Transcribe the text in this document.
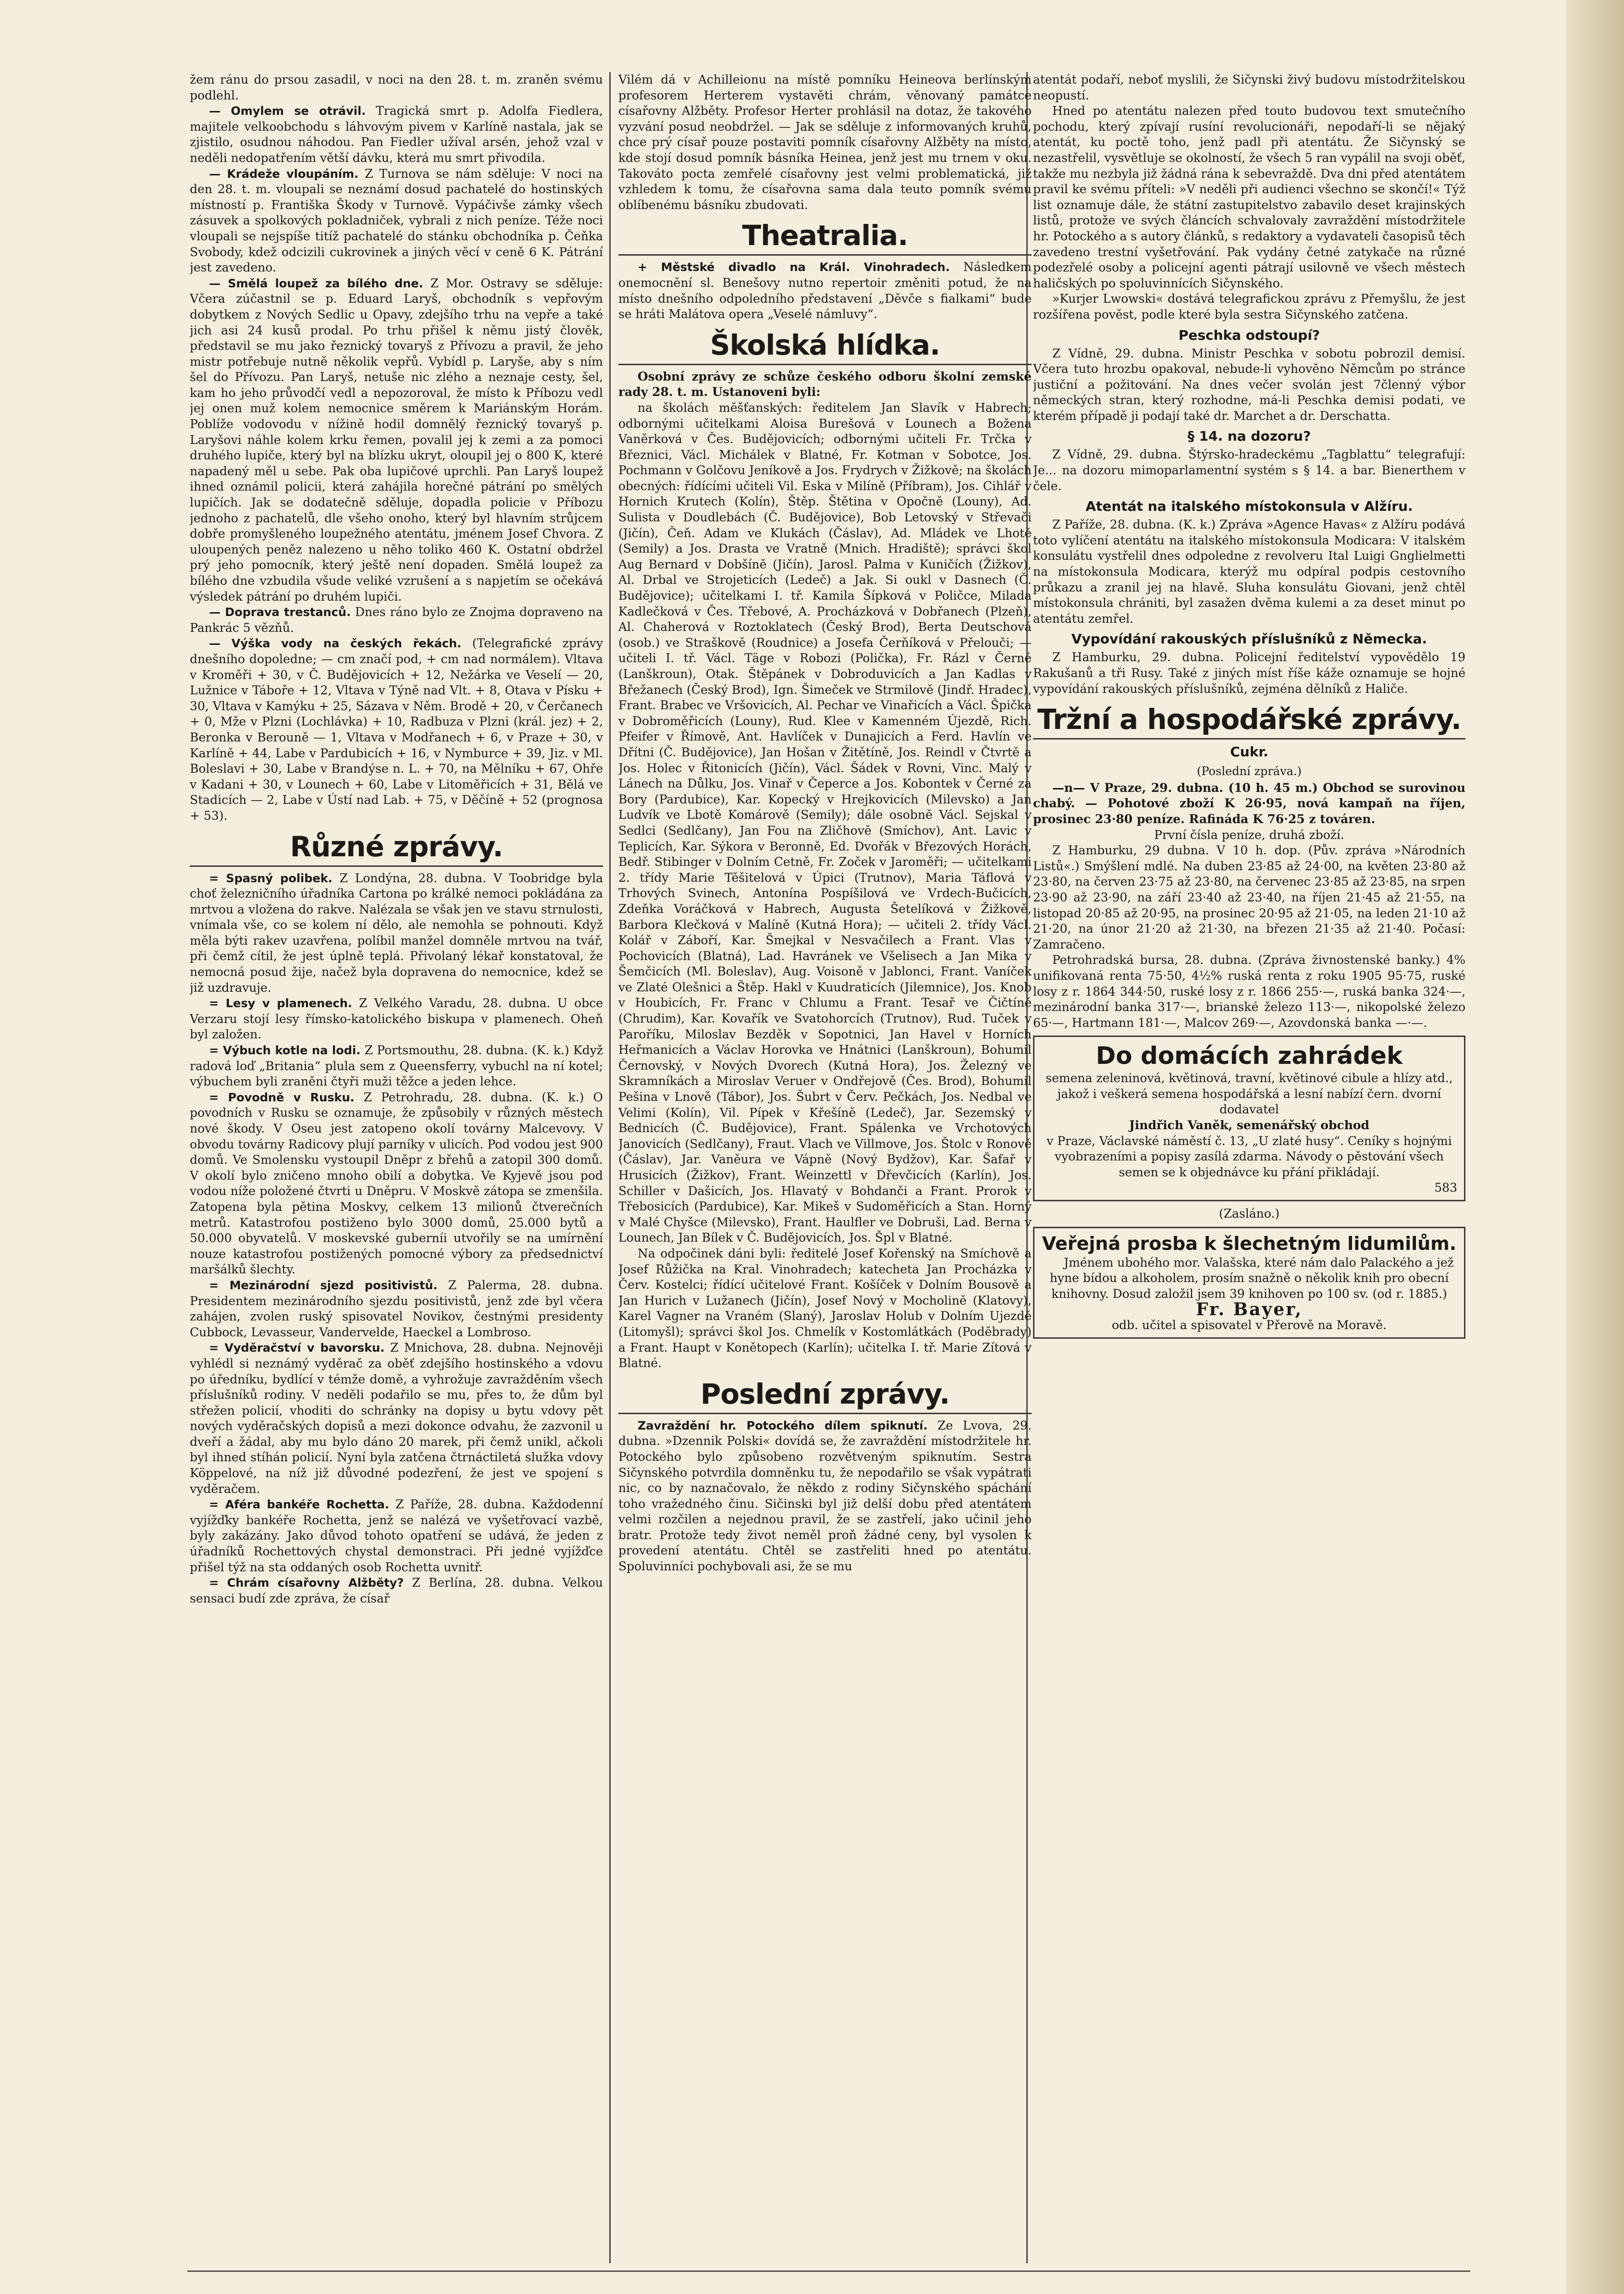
žem ránu do prsou zasadil, v noci na den 28. t. m. zraněn svému podlehl.

— Omylem se otrávil. Tragická smrt p. Adolfa Fiedlera, majitele velkoobchodu s láhvovým pivem v Karlíně nastala, jak se zjistilo, osudnou náhodou. Pan Fiedler užíval arsén, jehož vzal v neděli nedopatřením větší dávku, která mu smrt přivodila.

— Krádeže vloupáním. Z Turnova se nám sděluje: V noci na den 28. t. m. vloupali se neznámí dosud pachatelé do hostinských místností p. Františka Škody v Turnově. Vypáčivše zámky všech zásuvek a spolkových pokladniček, vybrali z nich peníze. Téže noci vloupali se nejspíše titíž pachatelé do stánku obchodníka p. Čeňka Svobody, kdež odcizili cukrovinek a jiných věcí v ceně 6 K. Pátrání jest zavedeno.

— Smělá loupež za bílého dne. Z Mor. Ostravy se sděluje: Včera zúčastnil se p. Eduard Laryš, obchodník s vepřovým dobytkem z Nových Sedlic u Opavy, zdejšího trhu na vepře a také jich asi 24 kusů prodal. Po trhu přišel k němu jistý člověk, představil se mu jako řeznický tovaryš z Přívozu a pravil, že jeho mistr potřebuje nutně několik vepřů. Vybídl p. Laryše, aby s ním šel do Přívozu. Pan Laryš, netuše nic zlého a neznaje cesty, šel, kam ho jeho průvodčí vedl a nepozoroval, že místo k Příbozu vedl jej onen muž kolem nemocnice směrem k Mariánským Horám. Poblíže vodovodu v nížině hodil domnělý řeznický tovaryš p. Laryšovi náhle kolem krku řemen, povalil jej k zemi a za pomoci druhého lupiče, který byl na blízku ukryt, oloupil jej o 800 K, které napadený měl u sebe. Pak oba lupičové uprchli. Pan Laryš loupež ihned oznámil policii, která zahájila horečné pátrání po smělých lupičích. Jak se dodatečně sděluje, dopadla policie v Příbozu jednoho z pachatelů, dle všeho onoho, který byl hlavním strůjcem dobře promyšleného loupežného atentátu, jménem Josef Chvora. Z uloupených peněz nalezeno u něho toliko 460 K. Ostatní obdržel prý jeho pomocník, který ještě není dopaden. Smělá loupež za bílého dne vzbudila všude veliké vzrušení a s napjetím se očekává výsledek pátrání po druhém lupiči.

— Doprava trestanců. Dnes ráno bylo ze Znojma dopraveno na Pankrác 5 vězňů.

— Výška vody na českých řekách. (Telegrafické zprávy dnešního dopoledne; — cm značí pod, + cm nad normálem). Vltava v Kroměři + 30, v Č. Budějovicích + 12, Nežárka ve Veselí — 20, Lužnice v Táboře + 12, Vltava v Týně nad Vlt. + 8, Otava v Písku + 30, Vltava v Kamýku + 25, Sázava v Něm. Brodě + 20, v Čerčanech + 0, Mže v Plzni (Lochlávka) + 10, Radbuza v Plzni (král. jez) + 2, Beronka v Berouně — 1, Vltava v Modřanech + 6, v Praze + 30, v Karlíně + 44, Labe v Pardubicích + 16, v Nymburce + 39, Jiz. v Ml. Boleslavi + 30, Labe v Brandýse n. L. + 70, na Mělníku + 67, Ohře v Kadani + 30, v Lounech + 60, Labe v Litoměřicích + 31, Bělá ve Stadicích — 2, Labe v Ústí nad Lab. + 75, v Děčíně + 52 (prognosa + 53).

Různé zprávy.

= Spasný polibek. Z Londýna, 28. dubna. V Toobridge byla choť železničního úřadníka Cartona po králké nemoci pokládána za mrtvou a vložena do rakve. Nalézala se však jen ve stavu strnulosti, vnímala vše, co se kolem ní dělo, ale nemohla se pohnouti. Když měla býti rakev uzavřena, políbil manžel domněle mrtvou na tvář, při čemž cítil, že jest úplně teplá. Přivolaný lékař konstatoval, že nemocná posud žije, načež byla dopravena do nemocnice, kdež se již uzdravuje.

= Lesy v plamenech. Z Velkého Varadu, 28. dubna. U obce Verzaru stojí lesy římsko-katolického biskupa v plamenech. Oheň byl založen.

= Výbuch kotle na lodi. Z Portsmouthu, 28. dubna. (K. k.) Když radová loď „Britania“ plula sem z Queensferry, vybuchl na ní kotel; výbuchem byli zraněni čtyři muži těžce a jeden lehce.

= Povodně v Rusku. Z Petrohradu, 28. dubna. (K. k.) O povodních v Rusku se oznamuje, že způsobily v různých městech nové škody. V Oseu jest zatopeno okolí továrny Malcevovy. V obvodu továrny Radicovy plují parníky v ulicích. Pod vodou jest 900 domů. Ve Smolensku vystoupil Dněpr z břehů a zatopil 300 domů. V okolí bylo zničeno mnoho obilí a dobytka. Ve Kyjevě jsou pod vodou níže položené čtvrti u Dněpru. V Moskvě zátopa se zmenšila. Zatopena byla pětina Moskvy, celkem 13 milionů čtverečních metrů. Katastrofou postiženo bylo 3000 domů, 25.000 bytů a 50.000 obyvatelů. V moskevské guberníi utvořily se na umírnění nouze katastrofou postižených pomocné výbory za předsednictví maršálků šlechty.

= Mezinárodní sjezd positivistů. Z Palerma, 28. dubna. Presidentem mezinárodního sjezdu positivistů, jenž zde byl včera zahájen, zvolen ruský spisovatel Novikov, čestnými presidenty Cubbock, Levasseur, Vandervelde, Haeckel a Lombroso.

= Vyděračství v bavorsku. Z Mnichova, 28. dubna. Nejnověji vyhlédl si neznámý vyděrač za oběť zdejšího hostinského a vdovu po úředníku, bydlící v témže domě, a vyhrožuje zavražděním všech příslušníků rodiny. V neděli podařilo se mu, přes to, že dům byl střežen policií, vhoditi do schránky na dopisy u bytu vdovy pět nových vyděračských dopisů a mezi dokonce odvahu, že zazvonil u dveří a žádal, aby mu bylo dáno 20 marek, při čemž unikl, ačkoli byl ihned stíhán policií. Nyní byla zatčena čtrnáctiletá služka vdovy Köppelové, na níž již důvodné podezření, že jest ve spojení s vyděračem.

= Aféra bankéře Rochetta. Z Paříže, 28. dubna. Každodenní vyjížďky bankéře Rochetta, jenž se nalézá ve vyšetřovací vazbě, byly zakázány. Jako důvod tohoto opatření se udává, že jeden z úřadníků Rochettových chystal demonstraci. Při jedné vyjížďce přišel týž na sta oddaných osob Rochetta uvnitř.

= Chrám císařovny Alžběty? Z Berlína, 28. dubna. Velkou sensaci budí zde zpráva, že císař

Vilém dá v Achilleionu na místě pomníku Heineova berlínským profesorem Herterem vystavěti chrám, věnovaný památce císařovny Alžběty. Profesor Herter prohlásil na dotaz, že takového vyzvání posud neobdržel. — Jak se sděluje z informovaných kruhů, chce prý císař pouze postaviti pomník císařovny Alžběty na místo, kde stojí dosud pomník básníka Heinea, jenž jest mu trnem v oku. Takováto pocta zemřelé císařovny jest velmi problematická, již vzhledem k tomu, že císařovna sama dala teuto pomník svému oblíbenému básníku zbudovati.

Theatralia.

+ Městské divadlo na Král. Vinohradech. Následkem onemocnění sl. Benešovy nutno repertoir změniti potud, že na místo dnešního odpoledního představení „Děvče s fialkami“ bude se hráti Malátova opera „Veselé námluvy“.

Školská hlídka.

Osobní zprávy ze schůze českého odboru školní zemské rady 28. t. m. Ustanoveni byli:

na školách měšťanských: ředitelem Jan Slavík v Habrech; odbornými učitelkami Aloisa Burešová v Lounech a Božena Vaněrková v Čes. Budějovicích; odbornými učiteli Fr. Trčka v Březnici, Václ. Michálek v Blatné, Fr. Kotman v Sobotce, Jos. Pochmann v Golčovu Jeníkově a Jos. Frydrych v Žižkově; na školách obecných: řídícími učiteli Vil. Eska v Milíně (Příbram), Jos. Cihlář v Hornich Krutech (Kolín), Štěp. Štětina v Opočně (Louny), Ad. Sulista v Doudlebách (Č. Budějovice), Bob Letovský v Střevači (Jičín), Čeň. Adam ve Klukách (Čáslav), Ad. Mládek ve Lhotě (Semily) a Jos. Drasta ve Vratně (Mnich. Hradiště); správci škol Aug Bernard v Dobšíně (Jičín), Jarosl. Palma v Kuničích (Žižkov), Al. Drbal ve Strojeticích (Ledeč) a Jak. Si oukl v Dasnech (Č. Budějovice); učitelkami I. tř. Kamila Šípková v Poličce, Milada Kadlečková v Čes. Třebové, A. Procházková v Dobřanech (Plzeň), Al. Chaherová v Roztoklatech (Český Brod), Berta Deutschová (osob.) ve Straškově (Roudnice) a Josefa Čerňíková v Přelouči; — učiteli I. tř. Václ. Täge v Robozi (Polička), Fr. Rázl v Černé (Lanškroun), Otak. Štěpánek v Dobroduvicích a Jan Kadlas v Břežanech (Český Brod), Ign. Šimeček ve Strmilově (Jindř. Hradec), Frant. Brabec ve Vršovicích, Al. Pechar ve Vinařicích a Václ. Špička v Dobroměřicích (Louny), Rud. Klee v Kamenném Újezdě, Rich. Pfeifer v Římově, Ant. Havlíček v Dunajicích a Ferd. Havlín ve Dřítni (Č. Budějovice), Jan Hošan v Žitětíně, Jos. Reindl v Čtvrtě a Jos. Holec v Řitonicích (Jičín), Václ. Šádek v Rovni, Vinc. Malý v Lánech na Důlku, Jos. Vinař v Čeperce a Jos. Kobontek v Černé za Bory (Pardubice), Kar. Kopecký v Hrejkovicích (Milevsko) a Jan Ludvík ve Lbotě Komárově (Semily); dále osobně Václ. Sejskal v Sedlci (Sedlčany), Jan Fou na Zličhově (Smíchov), Ant. Lavic v Teplicích, Kar. Sýkora v Beronně, Ed. Dvořák v Březových Horách, Bedř. Stibinger v Dolním Cetně, Fr. Zoček v Jaroměři; — učitelkami 2. třídy Marie Těšitelová v Úpici (Trutnov), Maria Táflová v Trhových Svinech, Antonína Pospíšilová ve Vrdech-Bučicích, Zdeňka Voráčková v Habrech, Augusta Šetelíková v Žižkově, Barbora Klečková v Malíně (Kutná Hora); — učiteli 2. třídy Václ. Kolář v Záboří, Kar. Šmejkal v Nesvačilech a Frant. Vlas v Pochovicích (Blatná), Lad. Havránek ve Všelisech a Jan Mika v Šemčicích (Ml. Boleslav), Aug. Voisoně v Jablonci, Frant. Vaníček ve Zlaté Olešnici a Štěp. Hakl v Kuudraticích (Jilemnice), Jos. Knob v Houbicích, Fr. Franc v Chlumu a Frant. Tesař ve Čičtíně (Chrudim), Kar. Kovařík ve Svatohorcích (Trutnov), Rud. Tuček v Paroříku, Miloslav Bezděk v Sopotnici, Jan Havel v Horních Heřmanicích a Václav Horovka ve Hnátnici (Lanškroun), Bohumil Černovský, v Nových Dvorech (Kutná Hora), Jos. Železný ve Skramníkách a Miroslav Veruer v Ondřejově (Čes. Brod), Bohumil Pešina v Lnově (Tábor), Jos. Šubrt v Červ. Pečkách, Jos. Nedbal ve Velimi (Kolín), Vil. Pípek v Křešíně (Ledeč), Jar. Sezemský v Bednicích (Č. Budějovice), Frant. Spálenka ve Vrchotových Janovicích (Sedlčany), Fraut. Vlach ve Villmove, Jos. Štolc v Ronově (Čáslav), Jar. Vaněura ve Vápně (Nový Bydžov), Kar. Šafař v Hrusicích (Žižkov), Frant. Weinzettl v Dřevčicích (Karlín), Jos. Schiller v Dašicích, Jos. Hlavatý v Bohdanči a Frant. Prorok v Třebosicích (Pardubice), Kar. Mikeš v Sudoměřicích a Stan. Horný v Malé Chyšce (Milevsko), Frant. Haulfler ve Dobruši, Lad. Berna v Lounech, Jan Bílek v Č. Budějovicích, Jos. Špl v Blatné.

Na odpočinek dáni byli: ředitelé Josef Kořenský na Smíchově a Josef Růžička na Kral. Vinohradech; katecheta Jan Procházka v Červ. Kostelci; řídící učitelové Frant. Košíček v Dolním Bousově a Jan Hurich v Lužanech (Jičín), Josef Nový v Mocholině (Klatovy), Karel Vagner na Vraném (Slaný), Jaroslav Holub v Dolním Ujezdě (Litomyšl); správci škol Jos. Chmelík v Kostomlátkách (Poděbrady) a Frant. Haupt v Konětopech (Karlín); učitelka I. tř. Marie Zítová v Blatné.

Poslední zprávy.

Zavraždění hr. Potockého dílem spiknutí. Ze Lvova, 29. dubna. »Dzennik Polski« dovídá se, že zavraždění místodržitele hr. Potockého bylo způsobeno rozvětveným spiknutím. Sestra Sičynského potvrdila domněnku tu, že nepodařilo se však vypátrati nic, co by naznačovalo, že někdo z rodiny Sičynského spáchání toho vražedného činu. Sičinski byl již delší dobu před atentátem velmi rozčilen a nejednou pravil, že se zastřelí, jako učinil jeho bratr. Protože tedy život neměl proň žádné ceny, byl vysolen k provedení atentátu. Chtěl se zastřeliti hned po atentátu. Spoluvinníci pochybovali asi, že se mu

atentát podaří, neboť myslili, že Sičynski živý budovu místodržitelskou neopustí.

Hned po atentátu nalezen před touto budovou text smutečního pochodu, který zpívají rusíní revolucionáři, nepodaří-li se nějaký atentát, ku poctě toho, jenž padl při atentátu. Že Sičynský se nezastřelil, vysvětluje se okolností, že všech 5 ran vypálil na svoji oběť, takže mu nezbyla již žádná rána k sebevraždě. Dva dni před atentátem pravil ke svému příteli: »V neděli při audienci všechno se skončí!« Týž list oznamuje dále, že státní zastupitelstvo zabavilo deset krajinských listů, protože ve svých článcích schvalovaly zavraždění místodržitele hr. Potockého a s autory článků, s redaktory a vydavateli časopisů těch zavedeno trestní vyšetřování. Pak vydány četné zatykače na různé podezřelé osoby a policejní agenti pátrají usilovně ve všech městech haličských po spoluvinnících Sičynského.

»Kurjer Lwowski« dostává telegrafickou zprávu z Přemyšlu, že jest rozšířena pověst, podle které byla sestra Sičynského zatčena.

Peschka odstoupí?

Z Vídně, 29. dubna. Ministr Peschka v sobotu pobrozil demisí. Včera tuto hrozbu opakoval, nebude-li vyhověno Němcům po stránce justiční a požitování. Na dnes večer svolán jest 7členný výbor německých stran, který rozhodne, má-li Peschka demisi podati, ve kterém případě ji podají také dr. Marchet a dr. Derschatta.

§ 14. na dozoru?

Z Vídně, 29. dubna. Štýrsko-hradeckému „Tagblattu“ telegrafují: Je... na dozoru mimoparlamentní systém s § 14. a bar. Bienerthem v čele.

Atentát na italského místokonsula v Alžíru.

Z Paříže, 28. dubna. (K. k.) Zpráva »Agence Havas« z Alžíru podává toto vylíčení atentátu na italského místokonsula Modicara: V italském konsulátu vystřelil dnes odpoledne z revolveru Ital Luigi Gnglielmetti na místokonsula Modicara, kterýž mu odpíral podpis cestovního průkazu a zranil jej na hlavě. Sluha konsulátu Giovani, jenž chtěl místokonsula chrániti, byl zasažen dvěma kulemi a za deset minut po atentátu zemřel.

Vypovídání rakouských příslušníků z Německa.

Z Hamburku, 29. dubna. Policejní ředitelství vypovědělo 19 Rakušanů a tři Rusy. Také z jiných míst říše káže oznamuje se hojné vypovídání rakouských příslušníků, zejména dělníků z Haliče.

Tržní a hospodářské zprávy.
Cukr.
(Poslední zpráva.)

—n— V Praze, 29. dubna. (10 h. 45 m.) Obchod se surovinou chabý. — Pohotové zboží K 26·95, nová kampaň na říjen, prosinec 23·80 peníze. Rafináda K 76·25 z továren.

První čísla peníze, druhá zboží.

Z Hamburku, 29 dubna. V 10 h. dop. (Pův. zpráva »Národních Listů«.) Smýšlení mdlé. Na duben 23·85 až 24·00, na květen 23·80 až 23·80, na červen 23·75 až 23·80, na červenec 23·85 až 23·85, na srpen 23·90 až 23·90, na září 23·40 až 23·40, na říjen 21·45 až 21·55, na listopad 20·85 až 20·95, na prosinec 20·95 až 21·05, na leden 21·10 až 21·20, na únor 21·20 až 21·30, na březen 21·35 až 21·40. Počasí: Zamračeno.

Petrohradská bursa, 28. dubna. (Zpráva živnostenské banky.) 4% unifikovaná renta 75·50, 4½% ruská renta z roku 1905 95·75, ruské losy z r. 1864 344·50, ruské losy z r. 1866 255·—, ruská banka 324·—, mezinárodní banka 317·—, brianské železo 113·—, nikopolské železo 65·—, Hartmann 181·—, Malcov 269·—, Azovdonská banka —·—.

Do domácích zahrádek

semena zeleninová, květinová, travní, květinové cibule a hlízy atd., jakož i veškerá semena hospodářská a lesní nabízí čern. dvorní dodavatel

Jindřich Vaněk, semenářský obchod

v Praze, Václavské náměstí č. 13, „U zlaté husy“. Ceníky s hojnými vyobrazeními a popisy zasílá zdarma. Návody o pěstování všech semen se k objednávce ku přání přikládají.

583

(Zasláno.)

Veřejná prosba k šlechetným lidumilům.

Jménem ubohého mor. Valašska, které nám dalo Palackého a jež hyne bídou a alkoholem, prosím snažně o několik knih pro obecní knihovny. Dosud založil jsem 39 knihoven po 100 sv. (od r. 1885.)

Fr. Bayer,
odb. učitel a spisovatel v Přerově na Moravě.
